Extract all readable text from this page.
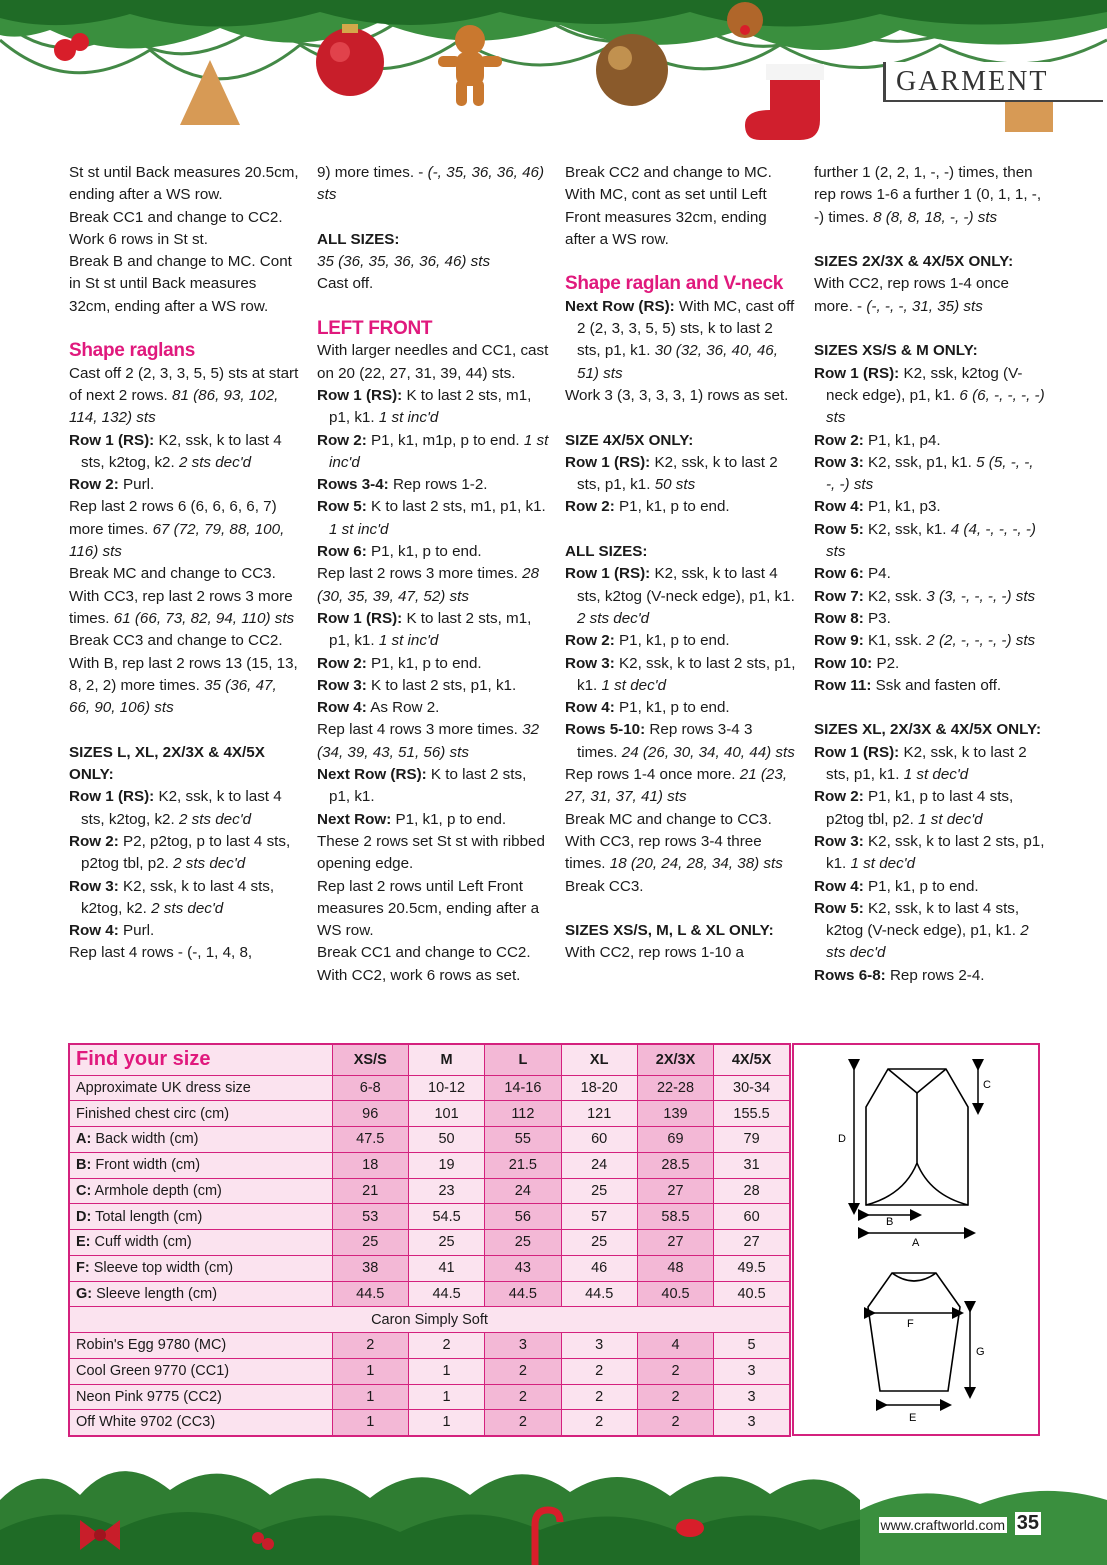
GARMENT

St st until Back measures 20.5cm, ending after a WS row.

Break CC1 and change to CC2. Work 6 rows in St st.

Break B and change to MC. Cont in St st until Back measures 32cm, ending after a WS row.

Shape raglans

Cast off 2 (2, 3, 3, 5, 5) sts at start of next 2 rows. 81 (86, 93, 102, 114, 132) sts

Row 1 (RS): K2, ssk, k to last 4 sts, k2tog, k2. 2 sts dec'd

Row 2: Purl.

Rep last 2 rows 6 (6, 6, 6, 6, 7) more times. 67 (72, 79, 88, 100, 116) sts

Break MC and change to CC3. With CC3, rep last 2 rows 3 more times. 61 (66, 73, 82, 94, 110) sts

Break CC3 and change to CC2. With B, rep last 2 rows 13 (15, 13, 8, 2, 2) more times. 35 (36, 47, 66, 90, 106) sts

SIZES L, XL, 2X/3X & 4X/5X ONLY:

Row 1 (RS): K2, ssk, k to last 4 sts, k2tog, k2. 2 sts dec'd

Row 2: P2, p2tog, p to last 4 sts, p2tog tbl, p2. 2 sts dec'd

Row 3: K2, ssk, k to last 4 sts, k2tog, k2. 2 sts dec'd

Row 4: Purl.

Rep last 4 rows - (-, 1, 4, 8,

9) more times. - (-, 35, 36, 36, 46) sts

ALL SIZES:

35 (36, 35, 36, 36, 46) sts

Cast off.

LEFT FRONT

With larger needles and CC1, cast on 20 (22, 27, 31, 39, 44) sts.

Row 1 (RS): K to last 2 sts, m1, p1, k1. 1 st inc'd

Row 2: P1, k1, m1p, p to end. 1 st inc'd

Rows 3-4: Rep rows 1-2.

Row 5: K to last 2 sts, m1, p1, k1. 1 st inc'd

Row 6: P1, k1, p to end.

Rep last 2 rows 3 more times. 28 (30, 35, 39, 47, 52) sts

Row 1 (RS): K to last 2 sts, m1, p1, k1. 1 st inc'd

Row 2: P1, k1, p to end.

Row 3: K to last 2 sts, p1, k1.

Row 4: As Row 2.

Rep last 4 rows 3 more times. 32 (34, 39, 43, 51, 56) sts

Next Row (RS): K to last 2 sts, p1, k1.

Next Row: P1, k1, p to end.

These 2 rows set St st with ribbed opening edge.

Rep last 2 rows until Left Front measures 20.5cm, ending after a WS row.

Break CC1 and change to CC2. With CC2, work 6 rows as set.

Break CC2 and change to MC. With MC, cont as set until Left Front measures 32cm, ending after a WS row.

Shape raglan and V-neck

Next Row (RS): With MC, cast off 2 (2, 3, 3, 5, 5) sts, k to last 2 sts, p1, k1. 30 (32, 36, 40, 46, 51) sts

Work 3 (3, 3, 3, 3, 1) rows as set.

SIZE 4X/5X ONLY:

Row 1 (RS): K2, ssk, k to last 2 sts, p1, k1. 50 sts

Row 2: P1, k1, p to end.

ALL SIZES:

Row 1 (RS): K2, ssk, k to last 4 sts, k2tog (V-neck edge), p1, k1. 2 sts dec'd

Row 2: P1, k1, p to end.

Row 3: K2, ssk, k to last 2 sts, p1, k1. 1 st dec'd

Row 4: P1, k1, p to end.

Rows 5-10: Rep rows 3-4 3 times. 24 (26, 30, 34, 40, 44) sts

Rep rows 1-4 once more. 21 (23, 27, 31, 37, 41) sts

Break MC and change to CC3. With CC3, rep rows 3-4 three times. 18 (20, 24, 28, 34, 38) sts

Break CC3.

SIZES XS/S, M, L & XL ONLY:

With CC2, rep rows 1-10 a

further 1 (2, 2, 1, -, -) times, then rep rows 1-6 a further 1 (0, 1, 1, -, -) times. 8 (8, 8, 18, -, -) sts

SIZES 2X/3X & 4X/5X ONLY:

With CC2, rep rows 1-4 once more. - (-, -, -, 31, 35) sts

SIZES XS/S & M ONLY:

Row 1 (RS): K2, ssk, k2tog (V-neck edge), p1, k1. 6 (6, -, -, -, -) sts

Row 2: P1, k1, p4.

Row 3: K2, ssk, p1, k1. 5 (5, -, -, -, -) sts

Row 4: P1, k1, p3.

Row 5: K2, ssk, k1. 4 (4, -, -, -, -) sts

Row 6: P4.

Row 7: K2, ssk. 3 (3, -, -, -, -) sts

Row 8: P3.

Row 9: K1, ssk. 2 (2, -, -, -, -) sts

Row 10: P2.

Row 11: Ssk and fasten off.

SIZES XL, 2X/3X & 4X/5X ONLY:

Row 1 (RS): K2, ssk, k to last 2 sts, p1, k1. 1 st dec'd

Row 2: P1, k1, p to last 4 sts, p2tog tbl, p2. 1 st dec'd

Row 3: K2, ssk, k to last 2 sts, p1, k1. 1 st dec'd

Row 4: P1, k1, p to end.

Row 5: K2, ssk, k to last 4 sts, k2tog (V-neck edge), p1, k1. 2 sts dec'd

Rows 6-8: Rep rows 2-4.

Find your size	XS/S	M	L	XL	2X/3X	4X/5X
Approximate UK dress size	6-8	10-12	14-16	18-20	22-28	30-34
Finished chest circ (cm)	96	101	112	121	139	155.5
A: Back width (cm)	47.5	50	55	60	69	79
B: Front width (cm)	18	19	21.5	24	28.5	31
C: Armhole depth (cm)	21	23	24	25	27	28
D: Total length (cm)	53	54.5	56	57	58.5	60
E: Cuff width (cm)	25	25	25	25	27	27
F: Sleeve top width (cm)	38	41	43	46	48	49.5
G: Sleeve length (cm)	44.5	44.5	44.5	44.5	40.5	40.5
Caron Simply Soft						
Robin's Egg 9780 (MC)	2	2	3	3	4	5
Cool Green 9770 (CC1)	1	1	2	2	2	3
Neon Pink 9775 (CC2)	1	1	2	2	2	3
Off White 9702 (CC3)	1	1	2	2	2	3
D
C
B
A
F
G
E
www.craftworld.com 35
